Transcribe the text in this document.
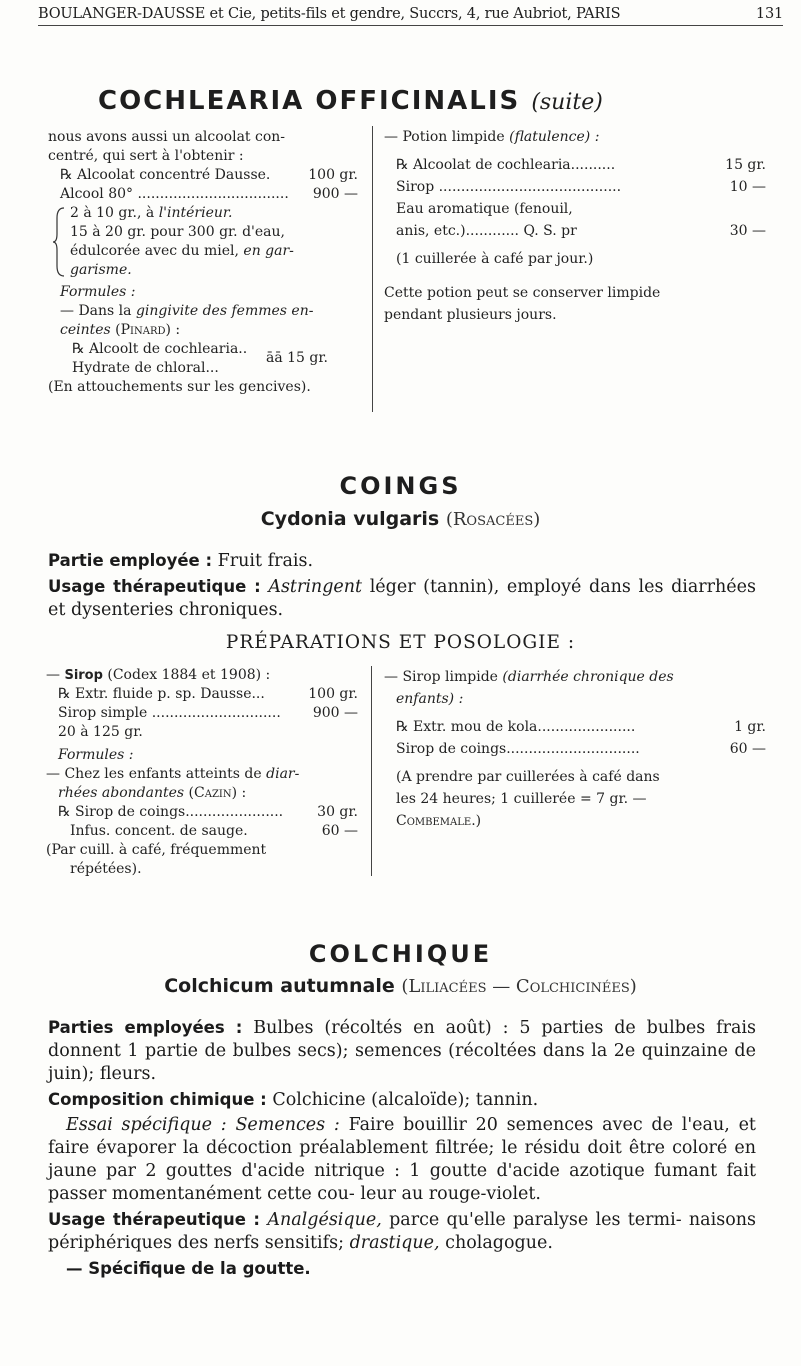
BOULANGER-DAUSSE et Cie, petits-fils et gendre, Succrs, 4, rue Aubriot, PARIS	131
COCHLEARIA OFFICINALIS (suite)
nous avons aussi un alcoolat con-
centré, qui sert à l'obtenir :
℞ Alcoolat concentré Dausse.	100 gr.
Alcool 80° .................................. 900 —
2 à 10 gr., à l'intérieur.
15 à 20 gr. pour 300 gr. d'eau,
édulcorée avec du miel, en gar-
garisme.
Formules :
— Dans la gingivite des femmes en-
ceintes (Pinard) :
℞ Alcoolt de cochlearia..
Hydrate de chloral...
āā 15 gr.
(En attouchements sur les gencives).
— Potion limpide (flatulence) :
℞ Alcoolat de cochlearia..........	15 gr.
Sirop .........................................	10 —
Eau aromatique (fenouil,
anis, etc.)............ Q. S. pr	30 —
(1 cuillerée à café par jour.)
Cette potion peut se conserver limpide
pendant plusieurs jours.
COINGS
Cydonia vulgaris (Rosacées)
Partie employée : Fruit frais.
Usage thérapeutique : Astringent léger (tannin), employé dans les diarrhées et dysenteries chroniques.
PRÉPARATIONS ET POSOLOGIE :
— Sirop (Codex 1884 et 1908) :
℞ Extr. fluide p. sp. Dausse...	100 gr.
Sirop simple ............................. 900 —
20 à 125 gr.
Formules :
— Chez les enfants atteints de diar-
rhées abondantes (Cazin) :
℞ Sirop de coings...................... 30 gr.
Infus. concent. de sauge.	60 —
(Par cuill. à café, fréquemment
répétées).
— Sirop limpide (diarrhée chronique des
enfants) :
℞ Extr. mou de kola......................	1 gr.
Sirop de coings..............................	60 —
(A prendre par cuillerées à café dans
les 24 heures; 1 cuillerée = 7 gr. —
Combemale.)
COLCHIQUE
Colchicum autumnale (Liliacées — Colchicinées)
Parties employées : Bulbes (récoltés en août) : 5 parties de bulbes frais donnent 1 partie de bulbes secs); semences (récoltées dans la 2e quinzaine de juin); fleurs.
Composition chimique : Colchicine (alcaloïde); tannin.
Essai spécifique : Semences : Faire bouillir 20 semences avec de l'eau, et faire évaporer la décoction préalablement filtrée; le résidu doit être coloré en jaune par 2 gouttes d'acide nitrique : 1 goutte d'acide azotique fumant fait passer momentanément cette cou- leur au rouge-violet.
Usage thérapeutique : Analgésique, parce qu'elle paralyse les termi- naisons périphériques des nerfs sensitifs; drastique, cholagogue.
— Spécifique de la goutte.
